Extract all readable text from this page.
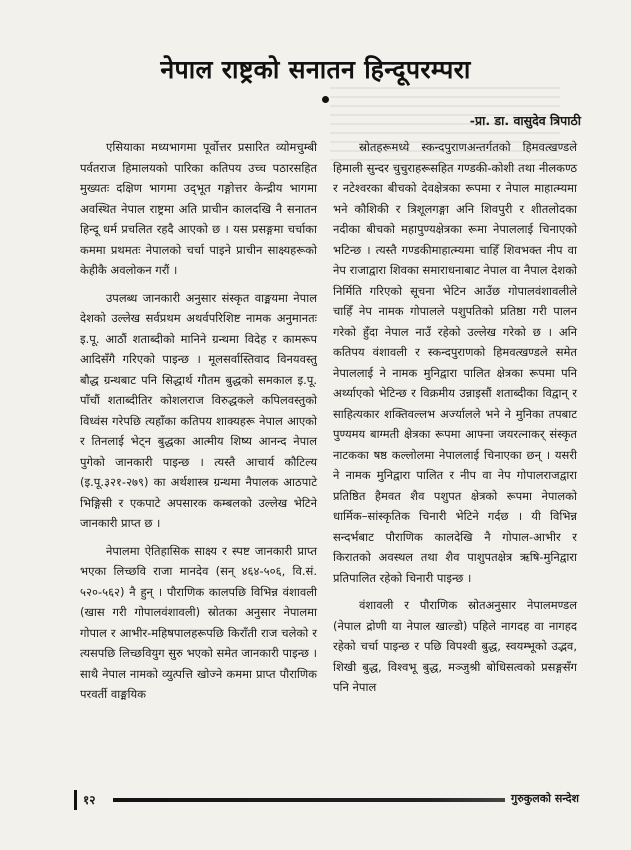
नेपाल राष्ट्रको सनातन हिन्दूपरम्परा
-प्रा. डा. वासुदेव त्रिपाठी

एसियाका मध्यभागमा पूर्वोत्तर प्रसारित व्योमचुम्बी पर्वतराज हिमालयको पारिका कतिपय उच्च पठारसहित मुख्यतः दक्षिण भागमा उद्‌भूत गङ्गोत्तर केन्द्रीय भागमा अवस्थित नेपाल राष्ट्रमा अति प्राचीन कालदखि नै सनातन हिन्दू धर्म प्रचलित रहदै आएको छ । यस प्रसङ्गमा चर्चाका कममा प्रथमतः नेपालको चर्चा पाइने प्राचीन साक्ष्यहरूको केहीकै अवलोकन गरौं ।

उपलब्ध जानकारी अनुसार संस्कृत वाङ्मयमा नेपाल देशको उल्लेख सर्वप्रथम अथर्वपरिशिष्ट नामक अनुमानतः इ.पू. आठौं शताब्दीको मानिने ग्रन्थमा विदेह र कामरूप आदिसँगै गरिएको पाइन्छ । मूलसर्वास्तिवाद विनयवस्तु बौद्ध ग्रन्थबाट पनि सिद्धार्थ गौतम बुद्धको समकाल इ.पू. पाँचौं शताब्दीतिर कोशलराज विरुद्धकले कपिलवस्तुको विध्वंस गरेपछि त्यहाँका कतिपय शाक्यहरू नेपाल आएको र तिनलाई भेट्न बुद्धका आत्मीय शिष्य आनन्द नेपाल पुगेको जानकारी पाइन्छ । त्यस्तै आचार्य कौटिल्य (इ.पू.३२१-२७९) का अर्थशास्त्र ग्रन्थमा नैपालक आठपाटे भिङ्गिसी र एकपाटे अपसारक कम्बलको उल्लेख भेटिने जानकारी प्राप्त छ ।

नेपालमा ऐतिहासिक साक्ष्य र स्पष्ट जानकारी प्राप्त भएका लिच्छवि राजा मानदेव (सन् ४६४-५०६, वि.सं. ५२०-५६२) नै हुन् । पौराणिक कालपछि विभिन्न वंशावली (खास गरी गोपालवंशावली) स्रोतका अनुसार नेपालमा गोपाल र आभीर-महिषपालहरूपछि किराँती राज चलेको र त्यसपछि लिच्छवियुग सुरु भएको समेत जानकारी पाइन्छ । साथै नेपाल नामको व्युत्पत्ति खोज्ने कममा प्राप्त पौराणिक परवर्ती वाङ्मयिक

स्रोतहरूमध्ये स्कन्दपुराणअन्तर्गतको हिमवत्खण्डले हिमाली सुन्दर चुचुराहरूसहित गण्डकी-कोशी तथा नीलकण्ठ र नटेश्वरका बीचको देवक्षेत्रका रूपमा र नेपाल माहात्म्यमा भने कौशिकी र त्रिशूलगङ्गा अनि शिवपुरी र शीतलोदका नदीका बीचको महापुण्यक्षेत्रका रूमा नेपाललाई चिनाएको भटिन्छ । त्यस्तै गण्डकीमाहात्म्यमा चाहिँ शिवभक्त नीप वा नेप राजाद्वारा शिवका समाराधनाबाट नेपाल वा नैपाल देशको निर्मिति गरिएको सूचना भेटिन आउँछ गोपालवंशावलीले चाहिँ नेप नामक गोपालले पशुपतिको प्रतिष्ठा गरी पालन गरेको हुँदा नेपाल नाउँ रहेको उल्लेख गरेको छ । अनि कतिपय वंशावली र स्कन्दपुराणको हिमवत्खण्डले समेत नेपाललाई ने नामक मुनिद्वारा पालित क्षेत्रका रूपमा पनि अर्थ्याएको भेटिन्छ र विक्रमीय उन्नाइसौं शताब्दीका विद्वान् र साहित्यकार शक्तिवल्लभ अर्ज्यालले भने ने मुनिका तपबाट पुण्यमय बाग्मती क्षेत्रका रूपमा आफ्ना जयरत्नाकर् संस्कृत नाटकका षष्ठ कल्लोलमा नेपाललाई चिनाएका छन् । यसरी ने नामक मुनिद्वारा पालित र नीप वा नेप गोपालराजद्वारा प्रतिष्ठित हैमवत शैव पशुपत क्षेत्रको रूपमा नेपालको धार्मिक–सांस्कृतिक चिनारी भेटिने गर्दछ । यी विभिन्न सन्दर्भबाट पौराणिक कालदेखि नै गोपाल-आभीर र किरातको अवस्थल तथा शैव पाशुपतक्षेत्र ऋषि-मुनिद्वारा प्रतिपालित रहेको चिनारी पाइन्छ ।

वंशावली र पौराणिक स्रोतअनुसार नेपालमण्डल (नेपाल द्रोणी या नेपाल खाल्डो) पहिले नागदह वा नागहद रहेको चर्चा पाइन्छ र पछि विपश्वी बुद्ध, स्वयम्भूको उद्भव, शिखी बुद्ध, विश्वभू बुद्ध, मञ्जुश्री बोधिसत्वको प्रसङ्गसँग पनि नेपाल

१२	गुरुकुलको सन्देश
